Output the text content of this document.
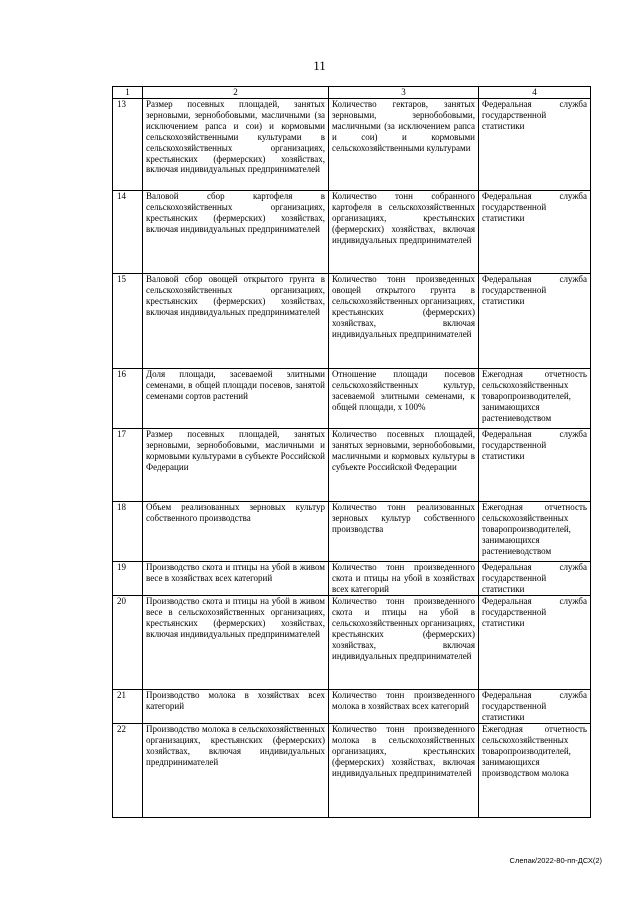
11
1	2	3	4
13	Размер посевных площадей, занятых зерновыми, зернобобовыми, масличными (за исключением рапса и сои) и кормовыми сельскохозяйственными культурами в сельскохозяйственных организациях, крестьянских (фермерских) хозяйствах, включая индивидуальных предпринимателей	Количество гектаров, занятых зерновыми, зернобобовыми, масличными (за исключением рапса и сои) и кормовыми сельскохозяйственными культурами	Федеральная служба государственной статистики
14	Валовой сбор картофеля в сельскохозяйственных организациях, крестьянских (фермерских) хозяйствах, включая индивидуальных предпринимателей	Количество тонн собранного картофеля в сельскохозяйственных организациях, крестьянских (фермерских) хозяйствах, включая индивидуальных предпринимателей	Федеральная служба государственной статистики
15	Валовой сбор овощей открытого грунта в сельскохозяйственных организациях, крестьянских (фермерских) хозяйствах, включая индивидуальных предпринимателей	Количество тонн произведенных овощей открытого грунта в сельскохозяйственных организациях, крестьянских (фермерских) хозяйствах, включая индивидуальных предпринимателей	Федеральная служба государственной статистики
16	Доля площади, засеваемой элитными семенами, в общей площади посевов, занятой семенами сортов растений	Отношение площади посевов сельскохозяйственных культур, засеваемой элитными семенами, к общей площади, х 100%	Ежегодная отчетность сельскохозяйственных товаропроизводителей, занимающихся растениеводством
17	Размер посевных площадей, занятых зерновыми, зернобобовыми, масличными и кормовыми культурами в субъекте Российской Федерации	Количество посевных площадей, занятых зерновыми, зернобобовыми, масличными и кормовых культуры в субъекте Российской Федерации	Федеральная служба государственной статистики
18	Объем реализованных зерновых культур собственного производства	Количество тонн реализованных зерновых культур собственного производства	Ежегодная отчетность сельскохозяйственных товаропроизводителей, занимающихся растениеводством
19	Производство скота и птицы на убой в живом весе в хозяйствах всех категорий	Количество тонн произведенного скота и птицы на убой в хозяйствах всех категорий	Федеральная служба государственной статистики
20	Производство скота и птицы на убой в живом весе в сельскохозяйственных организациях, крестьянских (фермерских) хозяйствах, включая индивидуальных предпринимателей	Количество тонн произведенного скота и птицы на убой в сельскохозяйственных организациях, крестьянских (фермерских) хозяйствах, включая индивидуальных предпринимателей	Федеральная служба государственной статистики
21	Производство молока в хозяйствах всех категорий	Количество тонн произведенного молока в хозяйствах всех категорий	Федеральная служба государственной статистики
22	Производство молока в сельскохозяйственных организациях, крестьянских (фермерских) хозяйствах, включая индивидуальных предпринимателей	Количество тонн произведенного молока в сельскохозяйственных организациях, крестьянских (фермерских) хозяйствах, включая индивидуальных предпринимателей	Ежегодная отчетность сельскохозяйственных товаропроизводителей, занимающихся производством молока
Слепак/2022-80-пп-ДСХ(2)
